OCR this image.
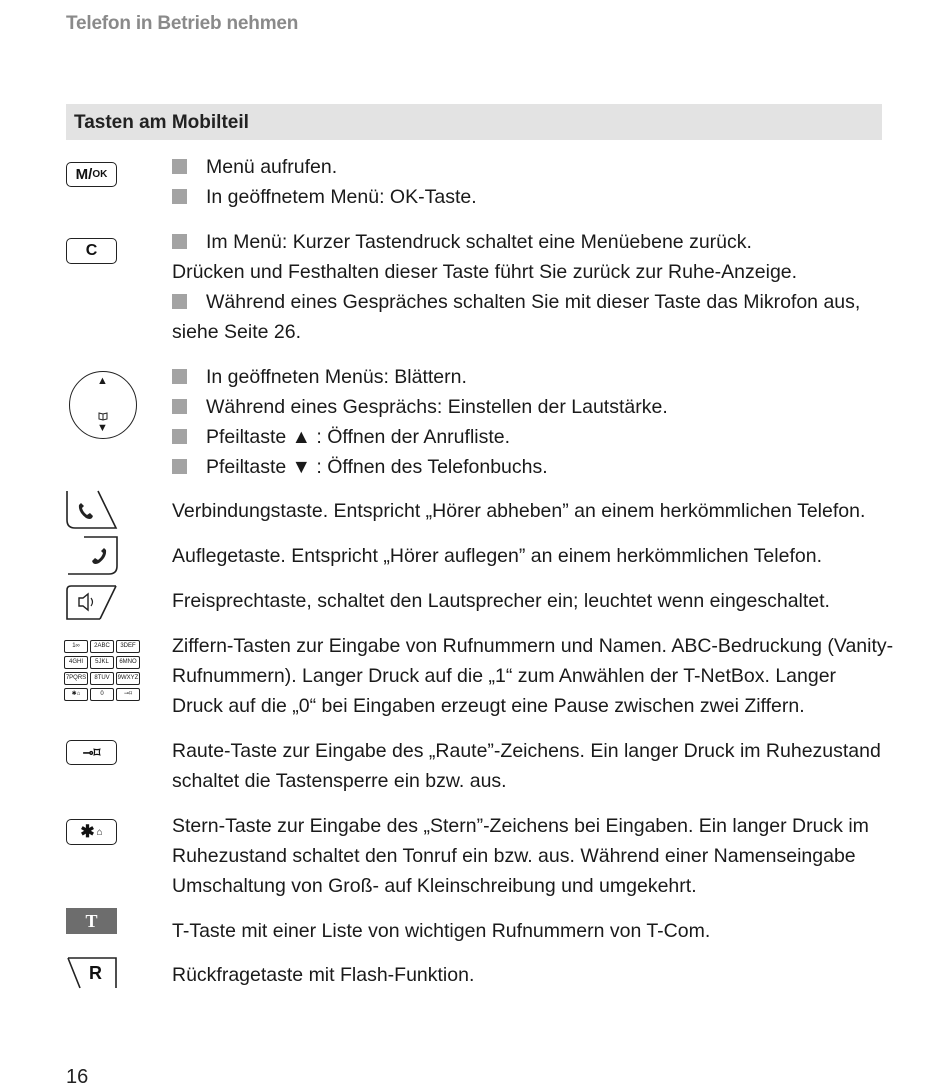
Telefon in Betrieb nehmen
Tasten am Mobilteil
M/ OK	Menü aufrufen.
In geöffnetem Menü: OK-Taste.
C	Im Menü: Kurzer Tastendruck schaltet eine Menüebene zurück.
Drücken und Festhalten dieser Taste führt Sie zurück zur Ruhe-Anzeige.
Während eines Gespräches schalten Sie mit dieser Taste das Mikrofon aus,
siehe Seite 26.
▲
▼
In geöffneten Menüs: Blättern.
Während eines Gesprächs: Einstellen der Lautstärke.
Pfeiltaste ▲ : Öffnen der Anrufliste.
Pfeiltaste ▼ : Öffnen des Telefonbuchs.
Verbindungstaste. Entspricht „Hörer abheben” an einem herkömmlichen Telefon.
Auflegetaste. Entspricht „Hörer auflegen” an einem herkömmlichen Telefon.
Freisprechtaste, schaltet den Lautsprecher ein; leuchtet wenn eingeschaltet.
1∞	2ABC	3DEF
4GHI	5JKL	6MNO
7PQRS	8TUV	9WXYZ
✱⌂	0	⊸⌑
Ziffern-Tasten zur Eingabe von Rufnummern und Namen. ABC-Bedruckung (Vanity-
Rufnummern). Langer Druck auf die „1“ zum Anwählen der T-NetBox. Langer
Druck auf die „0“ bei Eingaben erzeugt eine Pause zwischen zwei Ziffern.
⊸⌑	Raute-Taste zur Eingabe des „Raute”-Zeichens. Ein langer Druck im Ruhezustand
schaltet die Tastensperre ein bzw. aus.
✱ ⌂	Stern-Taste zur Eingabe des „Stern”-Zeichens bei Eingaben. Ein langer Druck im
Ruhezustand schaltet den Tonruf ein bzw. aus. Während einer Namenseingabe
Umschaltung von Groß- auf Kleinschreibung und umgekehrt.
T	T-Taste mit einer Liste von wichtigen Rufnummern von T-Com.
R	Rückfragetaste mit Flash-Funktion.
16
